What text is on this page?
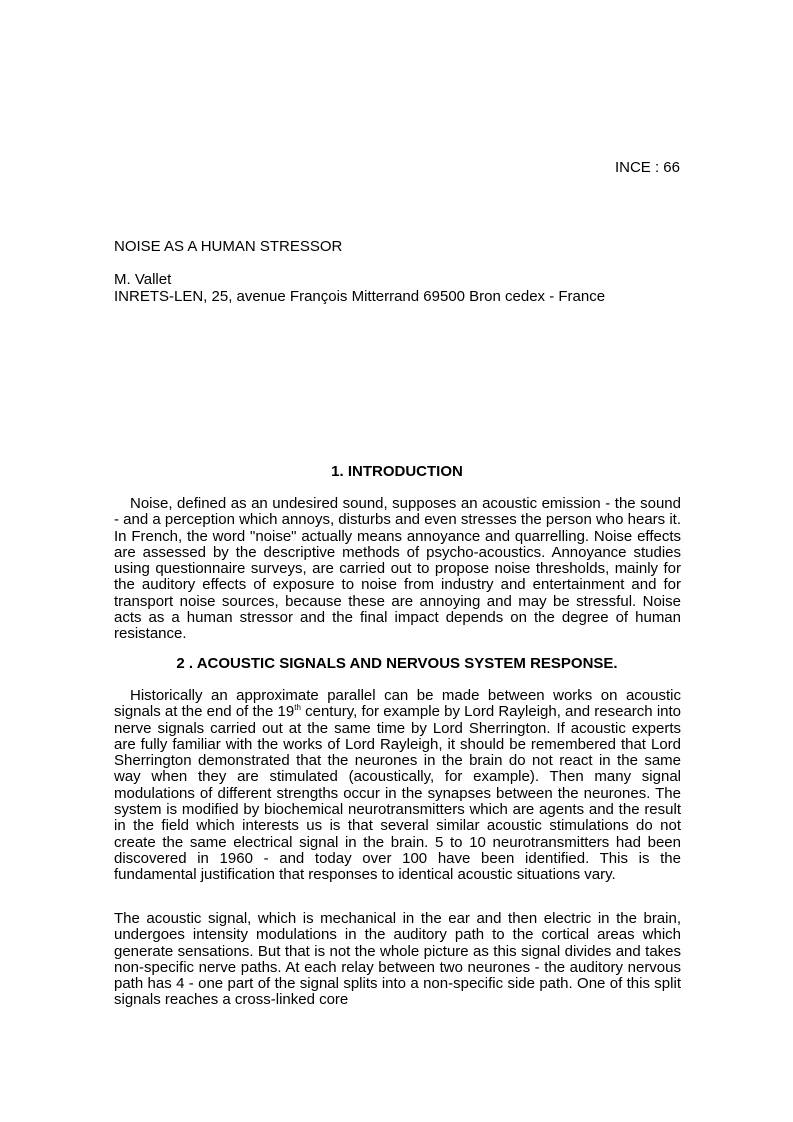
INCE : 66
NOISE AS A HUMAN STRESSOR
M. Vallet
INRETS-LEN, 25, avenue François Mitterrand 69500 Bron cedex - France
1. INTRODUCTION

Noise, defined as an undesired sound, supposes an acoustic emission - the sound - and a perception which annoys, disturbs and even stresses the person who hears it. In French, the word "noise" actually means annoyance and quarrelling. Noise effects are assessed by the descriptive methods of psycho-acoustics. Annoyance studies using questionnaire surveys, are carried out to propose noise thresholds, mainly for the auditory effects of exposure to noise from industry and entertainment and for transport noise sources, because these are annoying and may be stressful. Noise acts as a human stressor and the final impact depends on the degree of human resistance.

2 . ACOUSTIC SIGNALS AND NERVOUS SYSTEM RESPONSE.

Historically an approximate parallel can be made between works on acoustic signals at the end of the 19th century, for example by Lord Rayleigh, and research into nerve signals carried out at the same time by Lord Sherrington. If acoustic experts are fully familiar with the works of Lord Rayleigh, it should be remembered that Lord Sherrington demonstrated that the neurones in the brain do not react in the same way when they are stimulated (acoustically, for example). Then many signal modulations of different strengths occur in the synapses between the neurones. The system is modified by biochemical neurotransmitters which are agents and the result in the field which interests us is that several similar acoustic stimulations do not create the same electrical signal in the brain. 5 to 10 neurotransmitters had been discovered in 1960 - and today over 100 have been identified. This is the fundamental justification that responses to identical acoustic situations vary.

The acoustic signal, which is mechanical in the ear and then electric in the brain, undergoes intensity modulations in the auditory path to the cortical areas which generate sensations. But that is not the whole picture as this signal divides and takes non-specific nerve paths. At each relay between two neurones - the auditory nervous path has 4 - one part of the signal splits into a non-specific side path. One of this split signals reaches a cross-linked core
